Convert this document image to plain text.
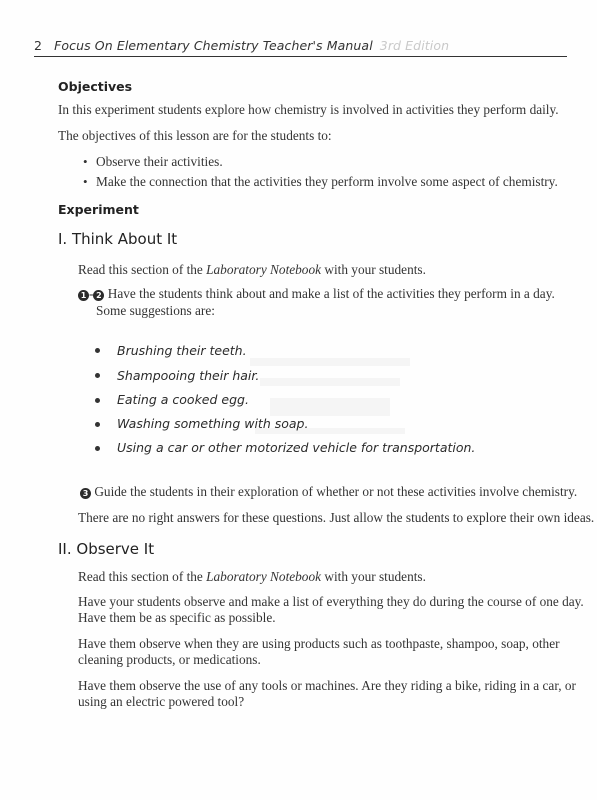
2 Focus On Elementary Chemistry Teacher's Manual 3rd Edition
Objectives
In this experiment students explore how chemistry is involved in activities they perform daily.
The objectives of this lesson are for the students to:
• Observe their activities.
• Make the connection that the activities they perform involve some aspect of chemistry.
Experiment
I. Think About It
Read this section of the Laboratory Notebook with your students.
1 - 2 Have the students think about and make a list of the activities they perform in a day.
Some suggestions are:
Brushing their teeth.
Shampooing their hair.
Eating a cooked egg.
Washing something with soap.
Using a car or other motorized vehicle for transportation.
3 Guide the students in their exploration of whether or not these activities involve chemistry.
There are no right answers for these questions. Just allow the students to explore their own ideas.
II. Observe It
Read this section of the Laboratory Notebook with your students.
Have your students observe and make a list of everything they do during the course of one day.
Have them be as specific as possible.
Have them observe when they are using products such as toothpaste, shampoo, soap, other
cleaning products, or medications.
Have them observe the use of any tools or machines. Are they riding a bike, riding in a car, or
using an electric powered tool?
